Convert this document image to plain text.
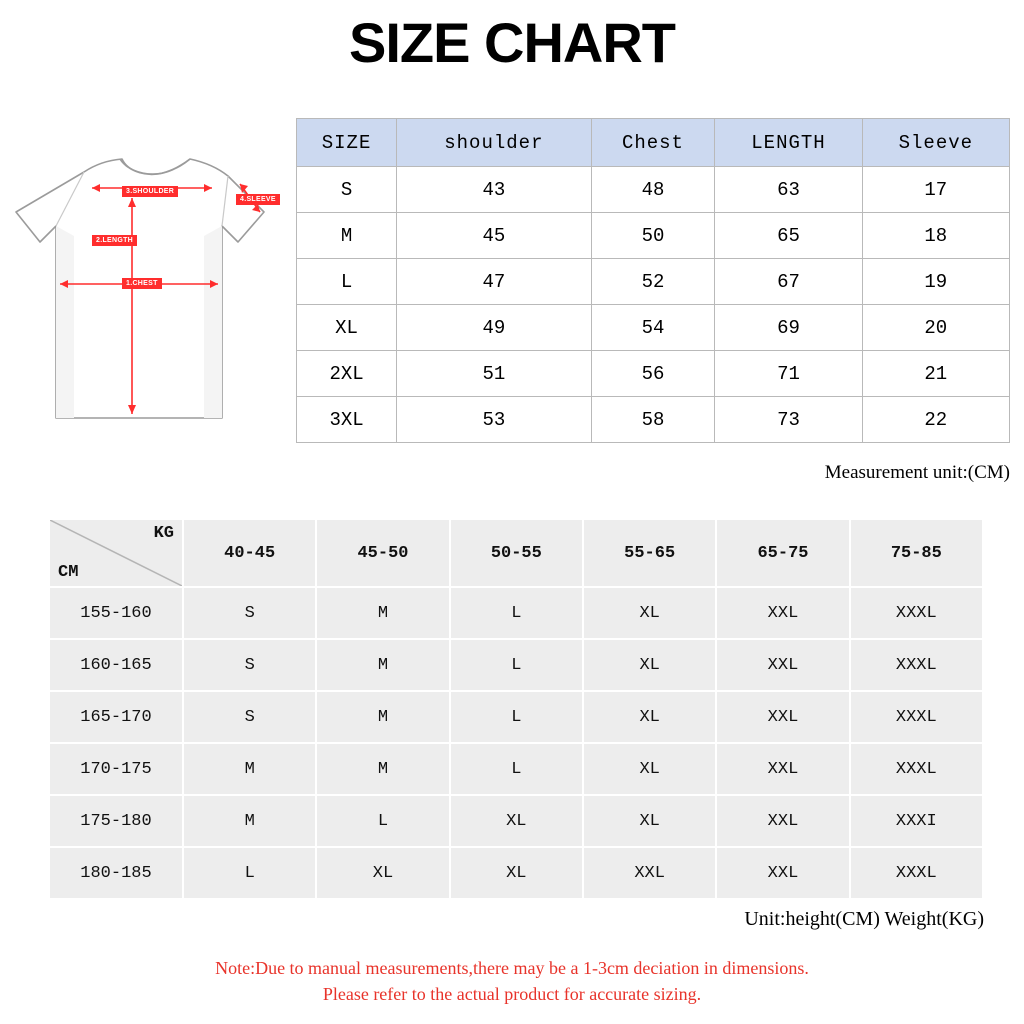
SIZE CHART
3.SHOULDER
4.SLEEVE
2.LENGTH
1.CHEST
SIZE	shoulder	Chest	LENGTH	Sleeve
S	43	48	63	17
M	45	50	65	18
L	47	52	67	19
XL	49	54	69	20
2XL	51	56	71	21
3XL	53	58	73	22
Measurement unit:(CM)
KG
CM	40-45	45-50	50-55	55-65	65-75	75-85
155-160	S	M	L	XL	XXL	XXXL
160-165	S	M	L	XL	XXL	XXXL
165-170	S	M	L	XL	XXL	XXXL
170-175	M	M	L	XL	XXL	XXXL
175-180	M	L	XL	XL	XXL	XXXI
180-185	L	XL	XL	XXL	XXL	XXXL
Unit:height(CM) Weight(KG)
Note:Due to manual measurements,there may be a 1-3cm deciation in dimensions.
Please refer to the actual product for accurate sizing.
